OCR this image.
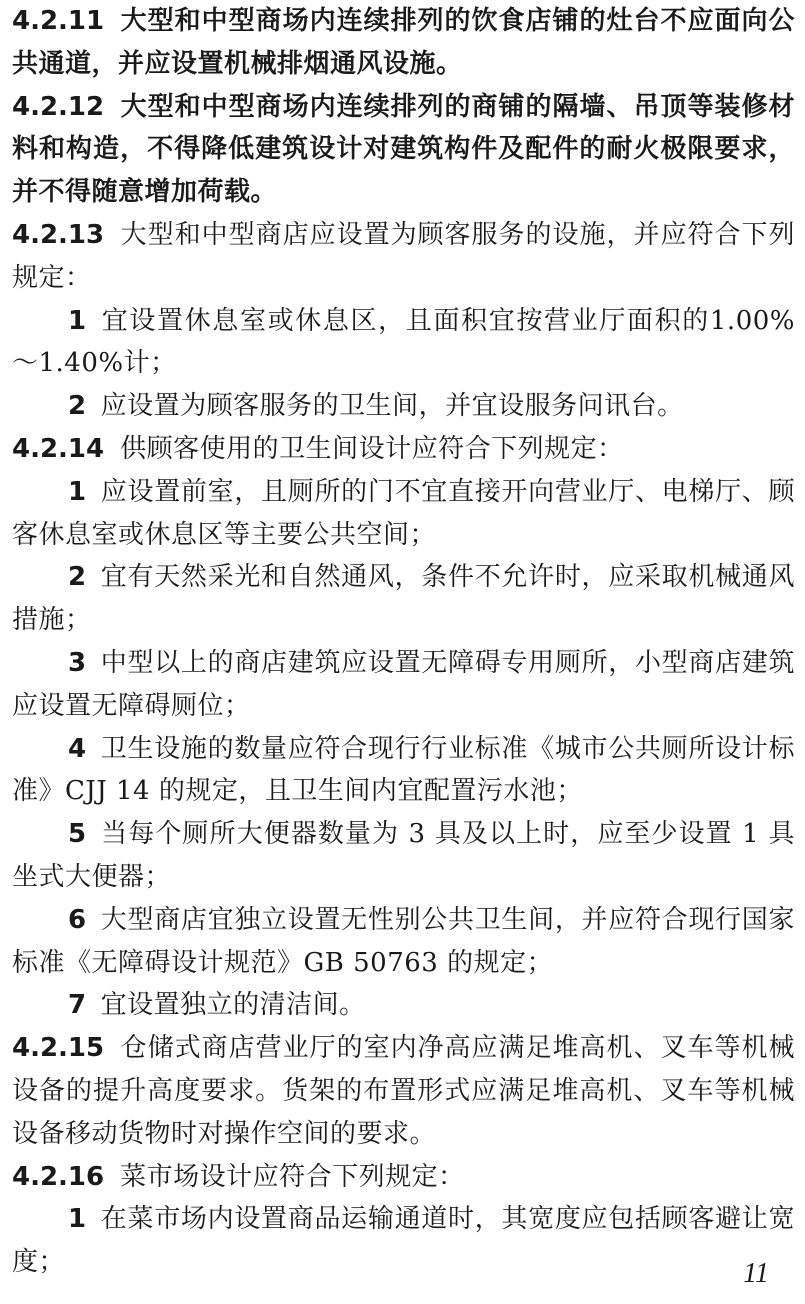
4.2.11 大型和中型商场内连续排列的饮食店铺的灶台不应面向公共通道，并应设置机械排烟通风设施。

4.2.12 大型和中型商场内连续排列的商铺的隔墙、吊顶等装修材料和构造，不得降低建筑设计对建筑构件及配件的耐火极限要求，并不得随意增加荷载。

4.2.13 大型和中型商店应设置为顾客服务的设施，并应符合下列规定：

1 宜设置休息室或休息区，且面积宜按营业厅面积的1.00%～1.40%计；

2 应设置为顾客服务的卫生间，并宜设服务问讯台。

4.2.14 供顾客使用的卫生间设计应符合下列规定：

1 应设置前室，且厕所的门不宜直接开向营业厅、电梯厅、顾客休息室或休息区等主要公共空间；

2 宜有天然采光和自然通风，条件不允许时，应采取机械通风措施；

3 中型以上的商店建筑应设置无障碍专用厕所，小型商店建筑应设置无障碍厕位；

4 卫生设施的数量应符合现行行业标准《城市公共厕所设计标准》CJJ 14 的规定，且卫生间内宜配置污水池；

5 当每个厕所大便器数量为 3 具及以上时，应至少设置 1 具坐式大便器；

6 大型商店宜独立设置无性别公共卫生间，并应符合现行国家标准《无障碍设计规范》GB 50763 的规定；

7 宜设置独立的清洁间。

4.2.15 仓储式商店营业厅的室内净高应满足堆高机、叉车等机械设备的提升高度要求。货架的布置形式应满足堆高机、叉车等机械设备移动货物时对操作空间的要求。

4.2.16 菜市场设计应符合下列规定：

1 在菜市场内设置商品运输通道时，其宽度应包括顾客避让宽度；	11
